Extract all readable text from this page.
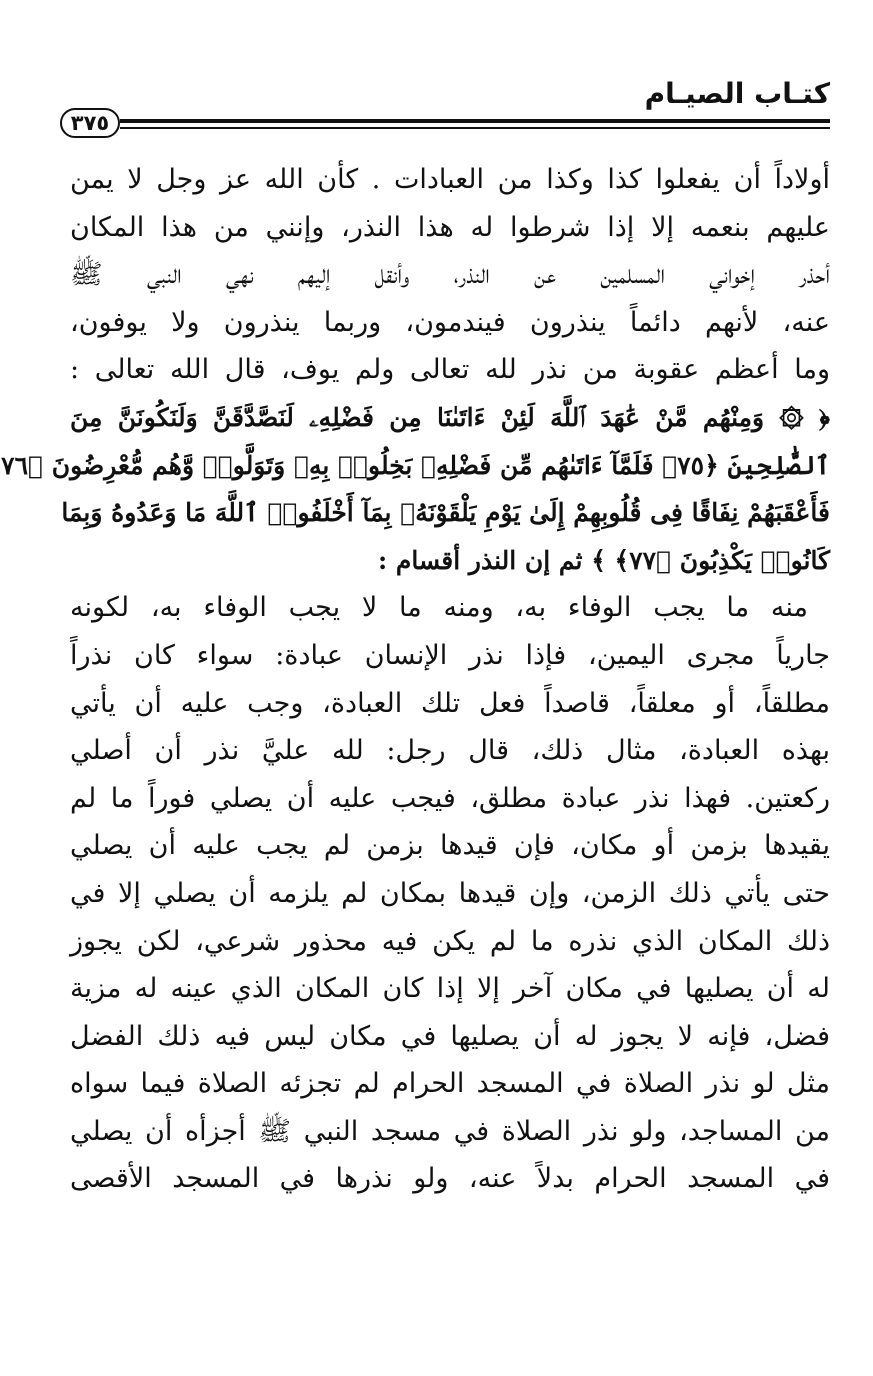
كتـاب الصيـام
٣٧٥
أولاداً أن يفعلوا كذا وكذا من العبادات . كأن الله عز وجل لا يمن
عليهم بنعمه إلا إذا شرطوا له هذا النذر، وإنني من هذا المكان
أحذر إخواني المسلمين عن النذر، وأنقل إليهم نهي النبي ﷺ
عنه، لأنهم دائماً ينذرون فيندمون، وربما ينذرون ولا يوفون،
وما أعظم عقوبة من نذر لله تعالى ولم يوف، قال الله تعالى :
﴿ ۞ وَمِنْهُم مَّنْ عَٰهَدَ ٱللَّهَ لَئِنْ ءَاتَىٰنَا مِن فَضْلِهِۦ لَنَصَّدَّقَنَّ وَلَنَكُونَنَّ مِنَ
ٱلصَّٰلِحِينَ ﴿٧٥﴾ فَلَمَّآ ءَاتَىٰهُم مِّن فَضْلِهِۦ بَخِلُوا۟ بِهِۦ وَتَوَلَّوا۟ وَّهُم مُّعْرِضُونَ ﴿٧٦
فَأَعْقَبَهُمْ نِفَاقًا فِى قُلُوبِهِمْ إِلَىٰ يَوْمِ يَلْقَوْنَهُۥ بِمَآ أَخْلَفُوا۟ ٱللَّهَ مَا وَعَدُوهُ وَبِمَا
كَانُوا۟ يَكْذِبُونَ ﴿٧٧﴾ ﴾ ثم إن النذر أقسام :
منه ما يجب الوفاء به، ومنه ما لا يجب الوفاء به، لكونه
جارياً مجرى اليمين، فإذا نذر الإنسان عبادة: سواء كان نذراً
مطلقاً، أو معلقاً، قاصداً فعل تلك العبادة، وجب عليه أن يأتي
بهذه العبادة، مثال ذلك، قال رجل: لله عليَّ نذر أن أصلي
ركعتين. فهذا نذر عبادة مطلق، فيجب عليه أن يصلي فوراً ما لم
يقيدها بزمن أو مكان، فإن قيدها بزمن لم يجب عليه أن يصلي
حتى يأتي ذلك الزمن، وإن قيدها بمكان لم يلزمه أن يصلي إلا في
ذلك المكان الذي نذره ما لم يكن فيه محذور شرعي، لكن يجوز
له أن يصليها في مكان آخر إلا إذا كان المكان الذي عينه له مزية
فضل، فإنه لا يجوز له أن يصليها في مكان ليس فيه ذلك الفضل
مثل لو نذر الصلاة في المسجد الحرام لم تجزئه الصلاة فيما سواه
من المساجد، ولو نذر الصلاة في مسجد النبي ﷺ أجزأه أن يصلي
في المسجد الحرام بدلاً عنه، ولو نذرها في المسجد الأقصى
